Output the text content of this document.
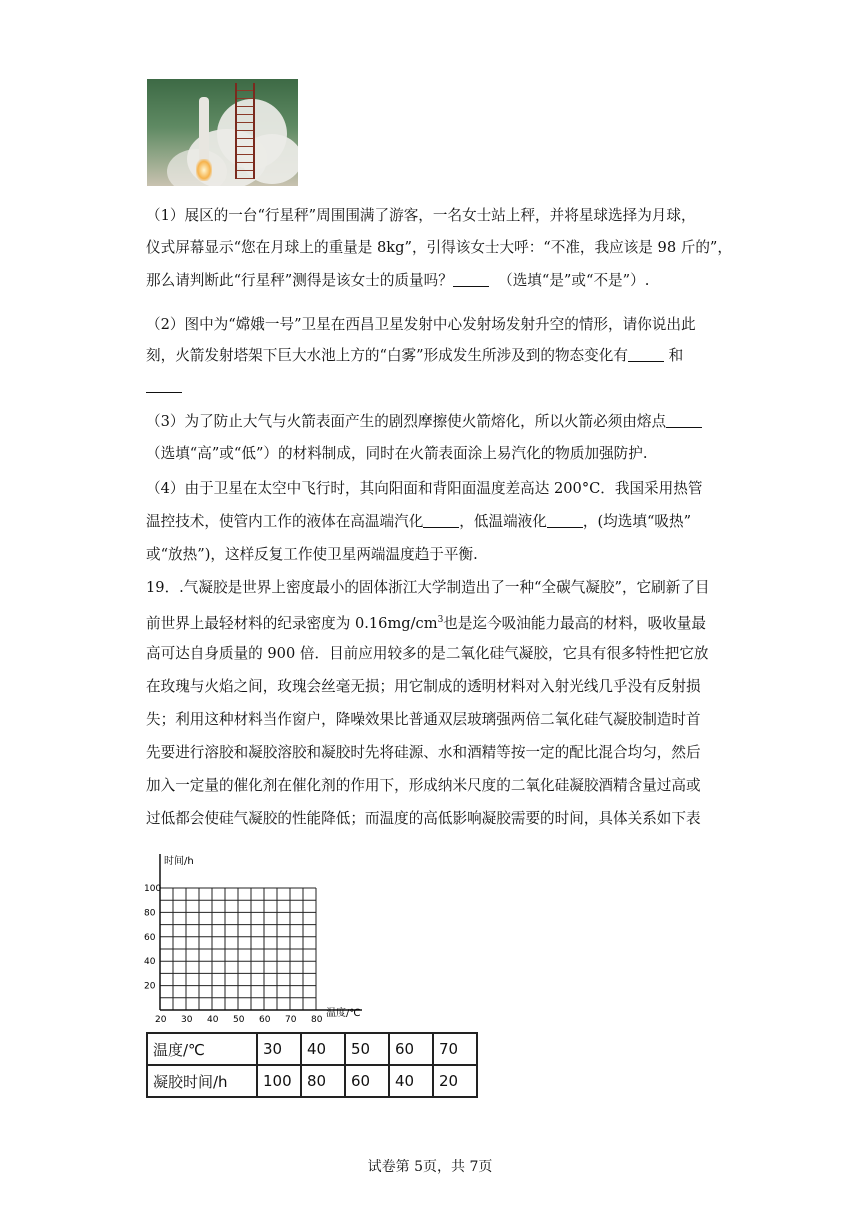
（1）展区的一台“行星秤”周围围满了游客，一名女士站上秤，并将星球选择为月球，
仪式屏幕显示“您在月球上的重量是 8kg”，引得该女士大呼：“不准，我应该是 98 斤的”，
那么请判断此“行星秤”测得是该女士的质量吗？	（选填“是”或“不是”）.
（2）图中为“嫦娥一号”卫星在西昌卫星发射中心发射场发射升空的情形，请你说出此
刻，火箭发射塔架下巨大水池上方的“白雾”形成发生所涉及到的物态变化有	和
（3）为了防止大气与火箭表面产生的剧烈摩擦使火箭熔化，所以火箭必须由熔点
（选填“高”或“低”）的材料制成，同时在火箭表面涂上易汽化的物质加强防护.
（4）由于卫星在太空中飞行时，其向阳面和背阳面温度差高达 200°C．我国采用热管
温控技术，使管内工作的液体在高温端汽化 ，低温端液化 ，(均选填“吸热”
或“放热”)，这样反复工作使卫星两端温度趋于平衡.
19．.气凝胶是世界上密度最小的固体浙江大学制造出了一种“全碳气凝胶”，它刷新了目
前世界上最轻材料的纪录密度为 $0.16mg/cm^3$也是迄今吸油能力最高的材料，吸收量最
高可达自身质量的 900 倍．目前应用较多的是二氧化硅气凝胶，它具有很多特性把它放
在玫瑰与火焰之间，玫瑰会丝毫无损；用它制成的透明材料对入射光线几乎没有反射损
失；利用这种材料当作窗户，降噪效果比普通双层玻璃强两倍二氧化硅气凝胶制造时首
先要进行溶胶和凝胶溶胶和凝胶时先将硅源、水和酒精等按一定的配比混合均匀，然后
加入一定量的催化剂在催化剂的作用下，形成纳米尺度的二氧化硅凝胶酒精含量过高或
过低都会使硅气凝胶的性能降低；而温度的高低影响凝胶需要的时间，具体关系如下表
20 30 40 50 60 70 80
20
40
60
80
100
时间/h
温度/℃
温度/℃	30	40	50	60	70
凝胶时间/h	100	80	60	40	20
试卷第 5页，共 7页
